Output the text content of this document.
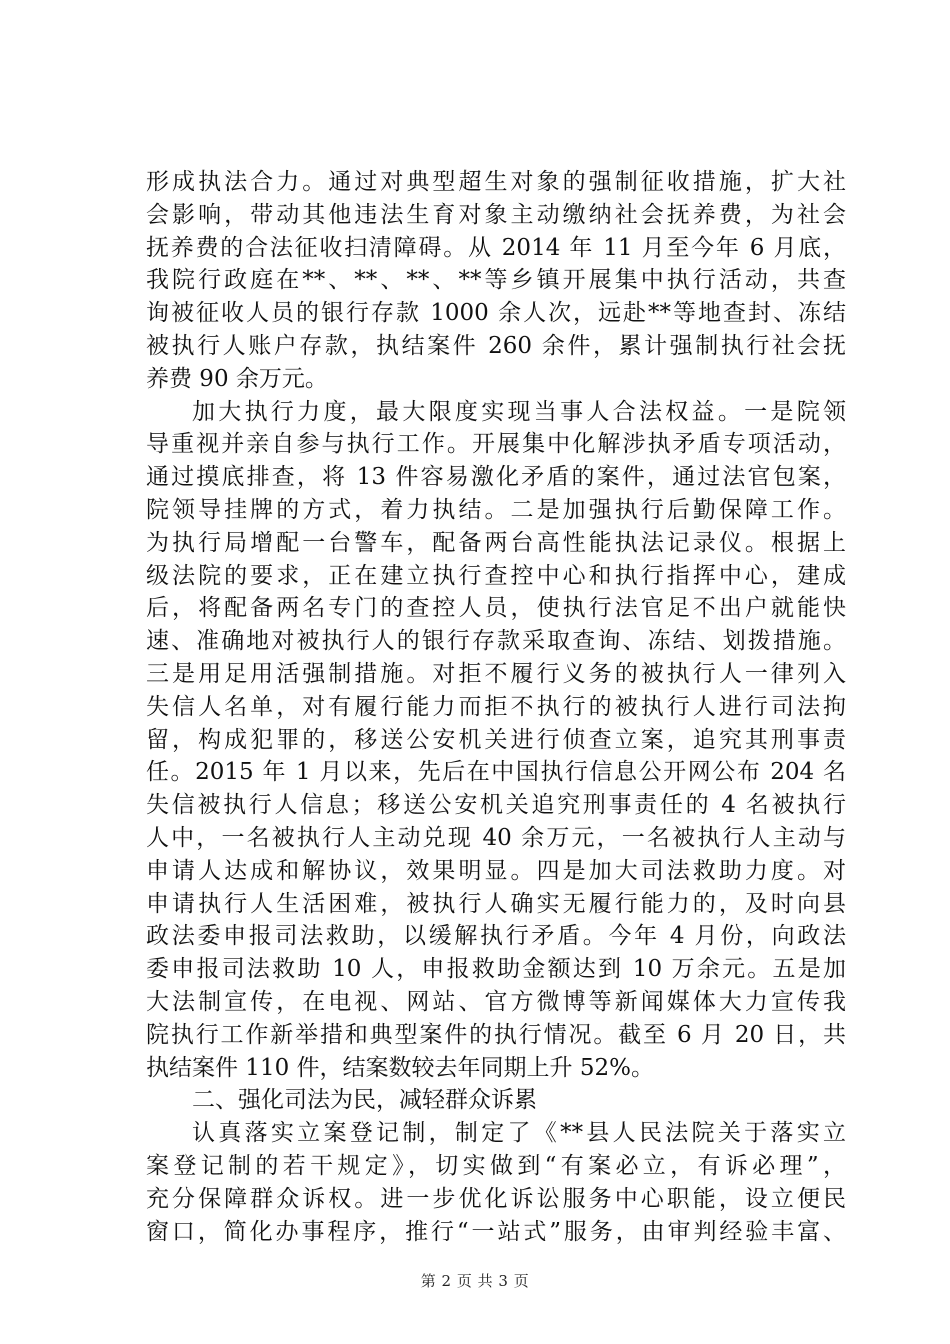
形成执法合力。通过对典型超生对象的强制征收措施，扩大社
会影响，带动其他违法生育对象主动缴纳社会抚养费，为社会
抚养费的合法征收扫清障碍。从 2014 年 11 月至今年 6 月底，
我院行政庭在**、**、**、**等乡镇开展集中执行活动，共查
询被征收人员的银行存款 1000 余人次，远赴**等地查封、冻结
被执行人账户存款，执结案件 260 余件，累计强制执行社会抚
养费 90 余万元。
加大执行力度，最大限度实现当事人合法权益。一是院领
导重视并亲自参与执行工作。开展集中化解涉执矛盾专项活动，
通过摸底排查，将 13 件容易激化矛盾的案件，通过法官包案，
院领导挂牌的方式，着力执结。二是加强执行后勤保障工作。
为执行局增配一台警车，配备两台高性能执法记录仪。根据上
级法院的要求，正在建立执行查控中心和执行指挥中心，建成
后，将配备两名专门的查控人员，使执行法官足不出户就能快
速、准确地对被执行人的银行存款采取查询、冻结、划拨措施。
三是用足用活强制措施。对拒不履行义务的被执行人一律列入
失信人名单，对有履行能力而拒不执行的被执行人进行司法拘
留，构成犯罪的，移送公安机关进行侦查立案，追究其刑事责
任。2015 年 1 月以来，先后在中国执行信息公开网公布 204 名
失信被执行人信息；移送公安机关追究刑事责任的 4 名被执行
人中，一名被执行人主动兑现 40 余万元，一名被执行人主动与
申请人达成和解协议，效果明显。四是加大司法救助力度。对
申请执行人生活困难，被执行人确实无履行能力的，及时向县
政法委申报司法救助，以缓解执行矛盾。今年 4 月份，向政法
委申报司法救助 10 人，申报救助金额达到 10 万余元。五是加
大法制宣传，在电视、网站、官方微博等新闻媒体大力宣传我
院执行工作新举措和典型案件的执行情况。截至 6 月 20 日，共
执结案件 110 件，结案数较去年同期上升 52%。
二、强化司法为民，减轻群众诉累
认真落实立案登记制，制定了《**县人民法院关于落实立
案登记制的若干规定》，切实做到“有案必立，有诉必理”，
充分保障群众诉权。进一步优化诉讼服务中心职能，设立便民
窗口，简化办事程序，推行“一站式”服务，由审判经验丰富、
第 2 页 共 3 页
